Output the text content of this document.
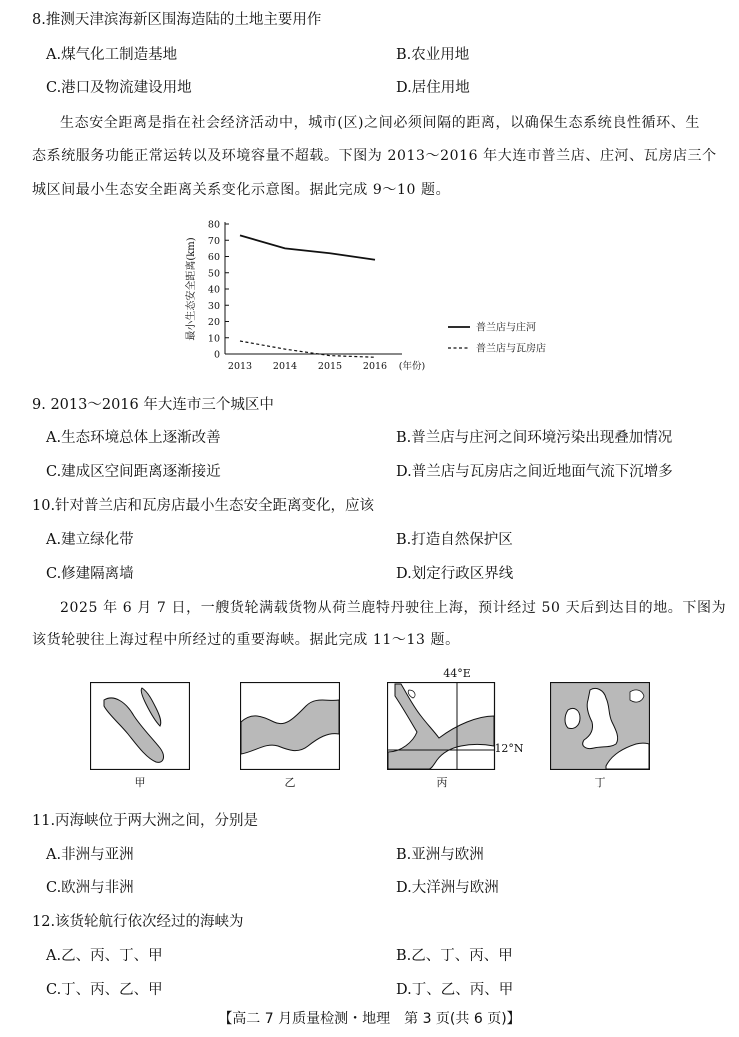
8.推测天津滨海新区围海造陆的土地主要用作
A.煤气化工制造基地	B.农业用地
C.港口及物流建设用地	D.居住用地
生态安全距离是指在社会经济活动中，城市(区)之间必须间隔的距离，以确保生态系统良性循环、生
态系统服务功能正常运转以及环境容量不超载。下图为 2013～2016 年大连市普兰店、庄河、瓦房店三个
城区间最小生态安全距离关系变化示意图。据此完成 9～10 题。
0
10
20
30
40
50
60
70
80
2013 2014 2015 2016 (年份)
最小生态安全距离(km)	普兰店与庄河
普兰店与瓦房店
9. 2013～2016 年大连市三个城区中
A.生态环境总体上逐渐改善	B.普兰店与庄河之间环境污染出现叠加情况
C.建成区空间距离逐渐接近	D.普兰店与瓦房店之间近地面气流下沉增多
10.针对普兰店和瓦房店最小生态安全距离变化，应该
A.建立绿化带	B.打造自然保护区
C.修建隔离墙	D.划定行政区界线
2025 年 6 月 7 日，一艘货轮满载货物从荷兰鹿特丹驶往上海，预计经过 50 天后到达目的地。下图为
该货轮驶往上海过程中所经过的重要海峡。据此完成 11～13 题。
44°E
12°N
甲	乙	丙	丁
11.丙海峡位于两大洲之间，分别是
A.非洲与亚洲	B.亚洲与欧洲
C.欧洲与非洲	D.大洋洲与欧洲
12.该货轮航行依次经过的海峡为
A.乙、丙、丁、甲	B.乙、丁、丙、甲
C.丁、丙、乙、甲	D.丁、乙、丙、甲
【高二 7 月质量检测・地理　第 3 页(共 6 页)】
